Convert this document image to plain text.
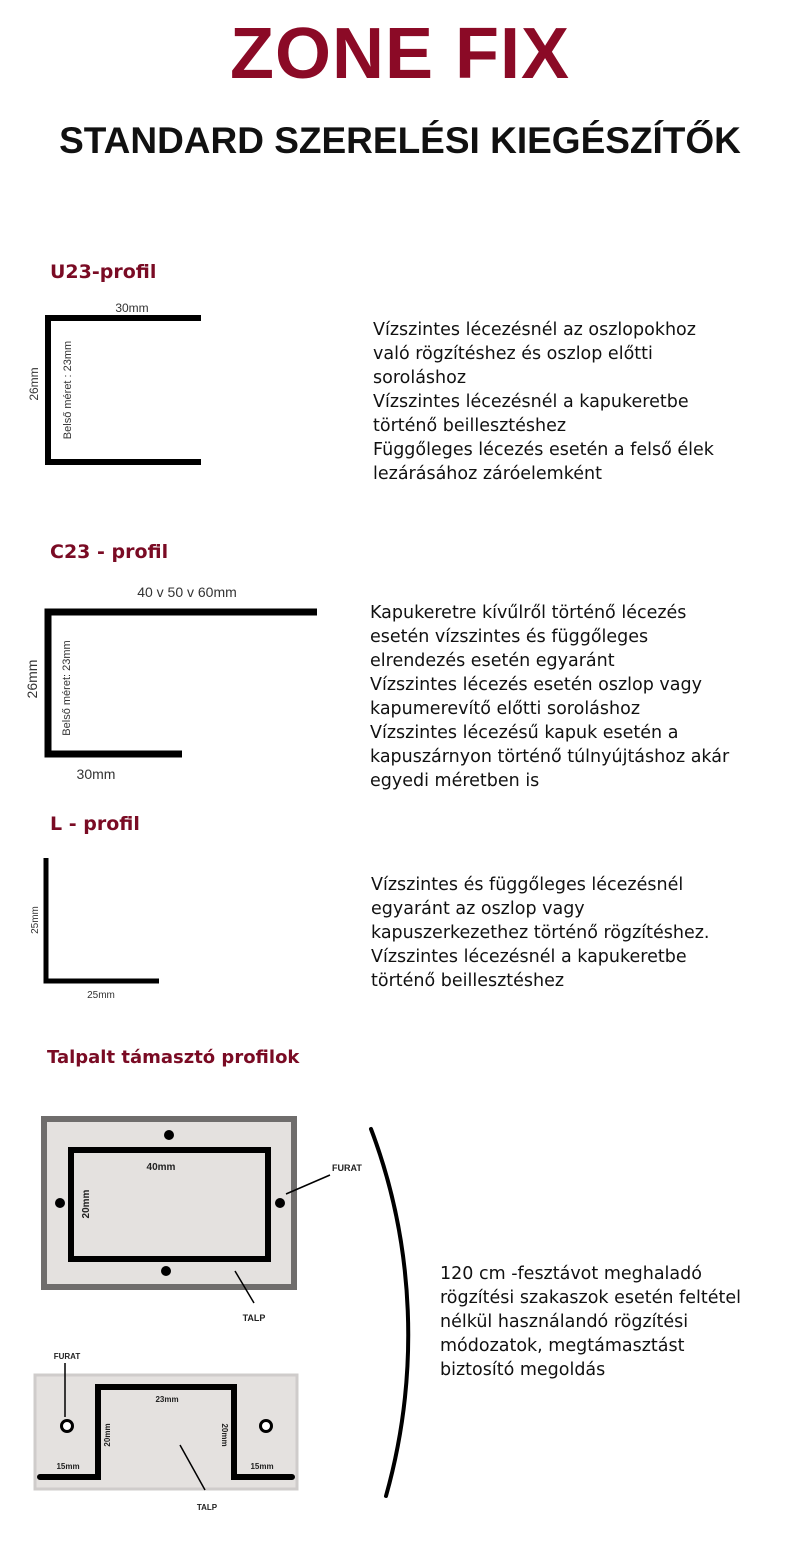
ZONE FIX
STANDARD SZERELÉSI KIEGÉSZÍTŐK
U23-profil
30mm
26mm Belső méret : 23mm
Vízszintes lécezésnél az oszlopokhoz
való rögzítéshez és oszlop előtti
soroláshoz
Vízszintes lécezésnél a kapukeretbe
történő beillesztéshez
Függőleges lécezés esetén a felső élek
lezárásához záróelemként
C23 - profil
40 v 50 v 60mm
26mm Belső méret: 23mm
30mm
Kapukeretre kívűlről történő lécezés
esetén vízszintes és függőleges
elrendezés esetén egyaránt
Vízszintes lécezés esetén oszlop vagy
kapumerevítő előtti soroláshoz
Vízszintes lécezésű kapuk esetén a
kapuszárnyon történő túlnyújtáshoz akár
egyedi méretben is
L - profil
25mm
25mm
Vízszintes és függőleges lécezésnél
egyaránt az oszlop vagy
kapuszerkezethez történő rögzítéshez.
Vízszintes lécezésnél a kapukeretbe
történő beillesztéshez
Talpalt támasztó profilok
40mm
20mm
FURAT
TALP
FURAT
23mm
20mm	20mm
15mm	15mm
TALP
120 cm -fesztávot meghaladó
rögzítési szakaszok esetén feltétel
nélkül használandó rögzítési
módozatok, megtámasztást
biztosító megoldás
